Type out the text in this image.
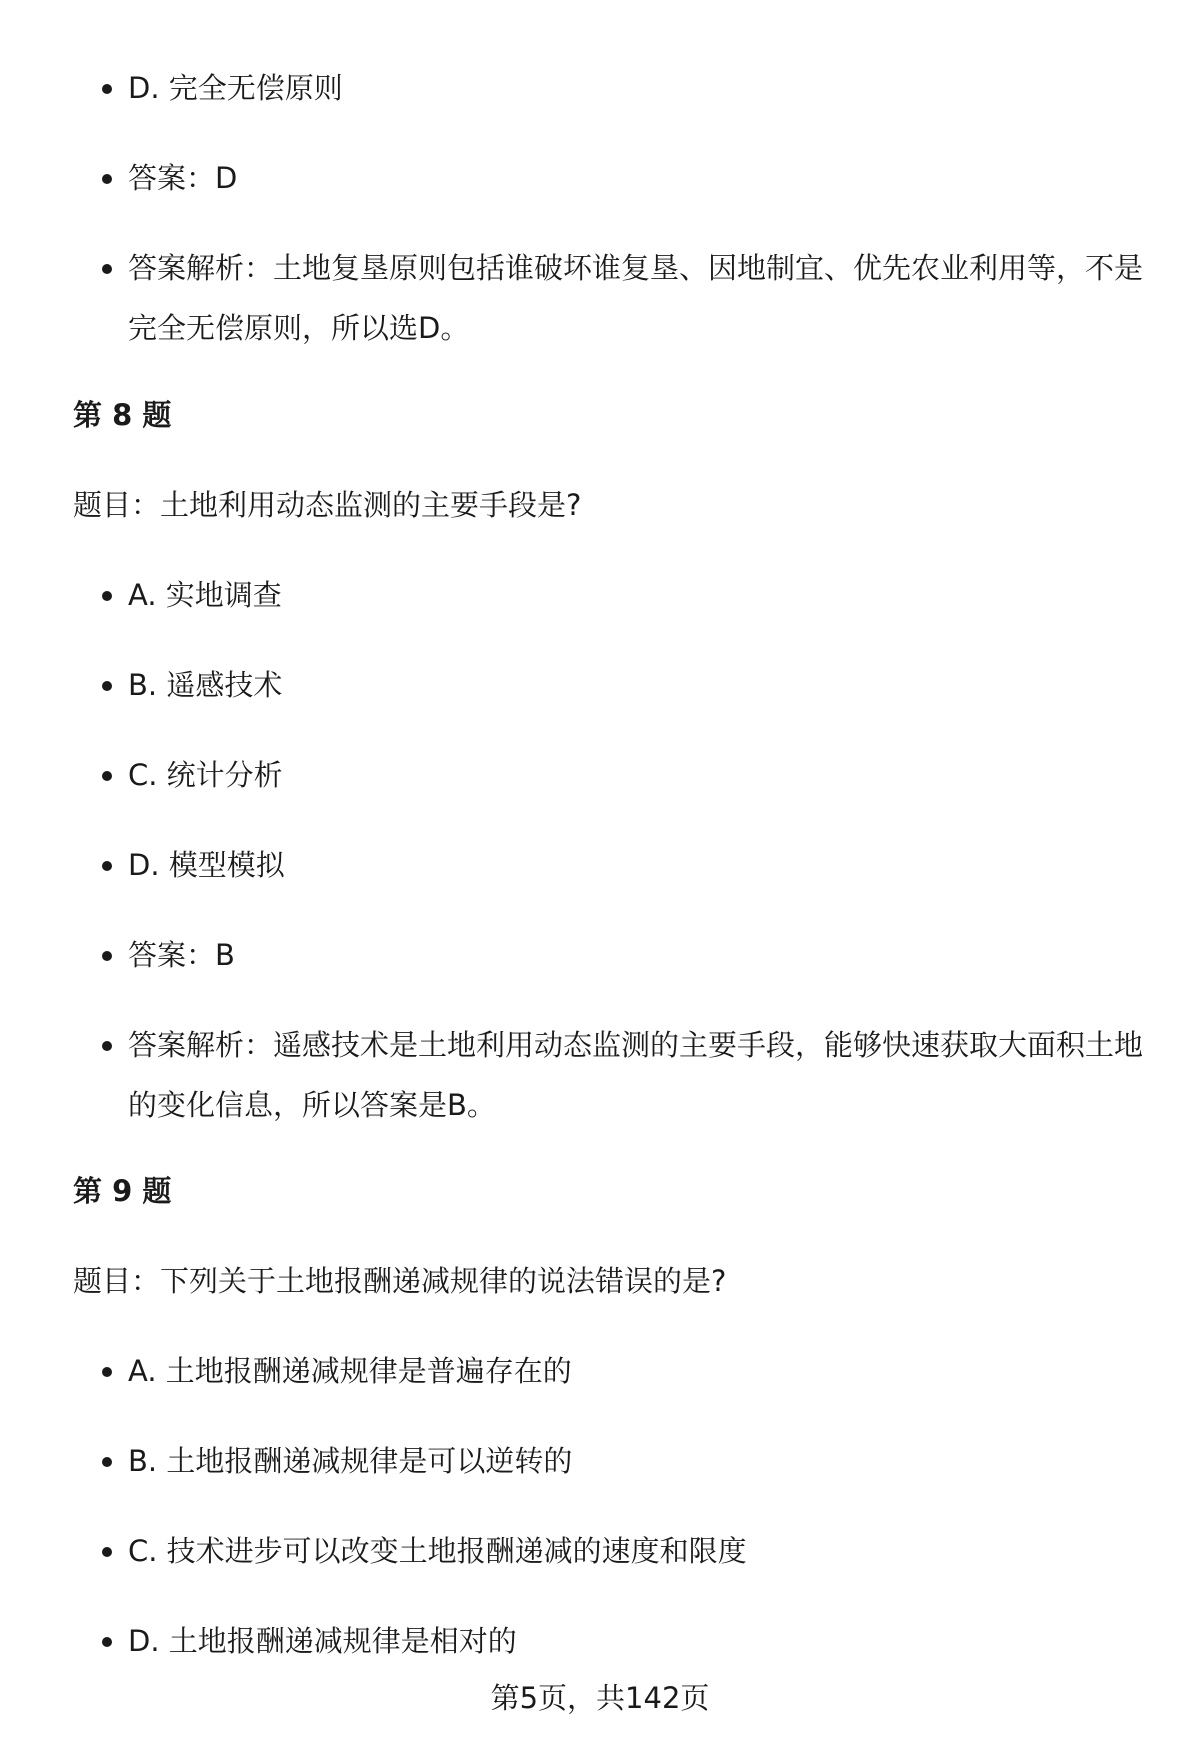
D. 完全无偿原则
答案：D
答案解析：土地复垦原则包括谁破坏谁复垦、因地制宜、优先农业利用等，不是完全无偿原则，所以选D。
第 8 题

题目：土地利用动态监测的主要手段是?

A. 实地调查
B. 遥感技术
C. 统计分析
D. 模型模拟
答案：B
答案解析：遥感技术是土地利用动态监测的主要手段，能够快速获取大面积土地的变化信息，所以答案是B。
第 9 题

题目：下列关于土地报酬递减规律的说法错误的是?

A. 土地报酬递减规律是普遍存在的
B. 土地报酬递减规律是可以逆转的
C. 技术进步可以改变土地报酬递减的速度和限度
D. 土地报酬递减规律是相对的
第5页，共142页
